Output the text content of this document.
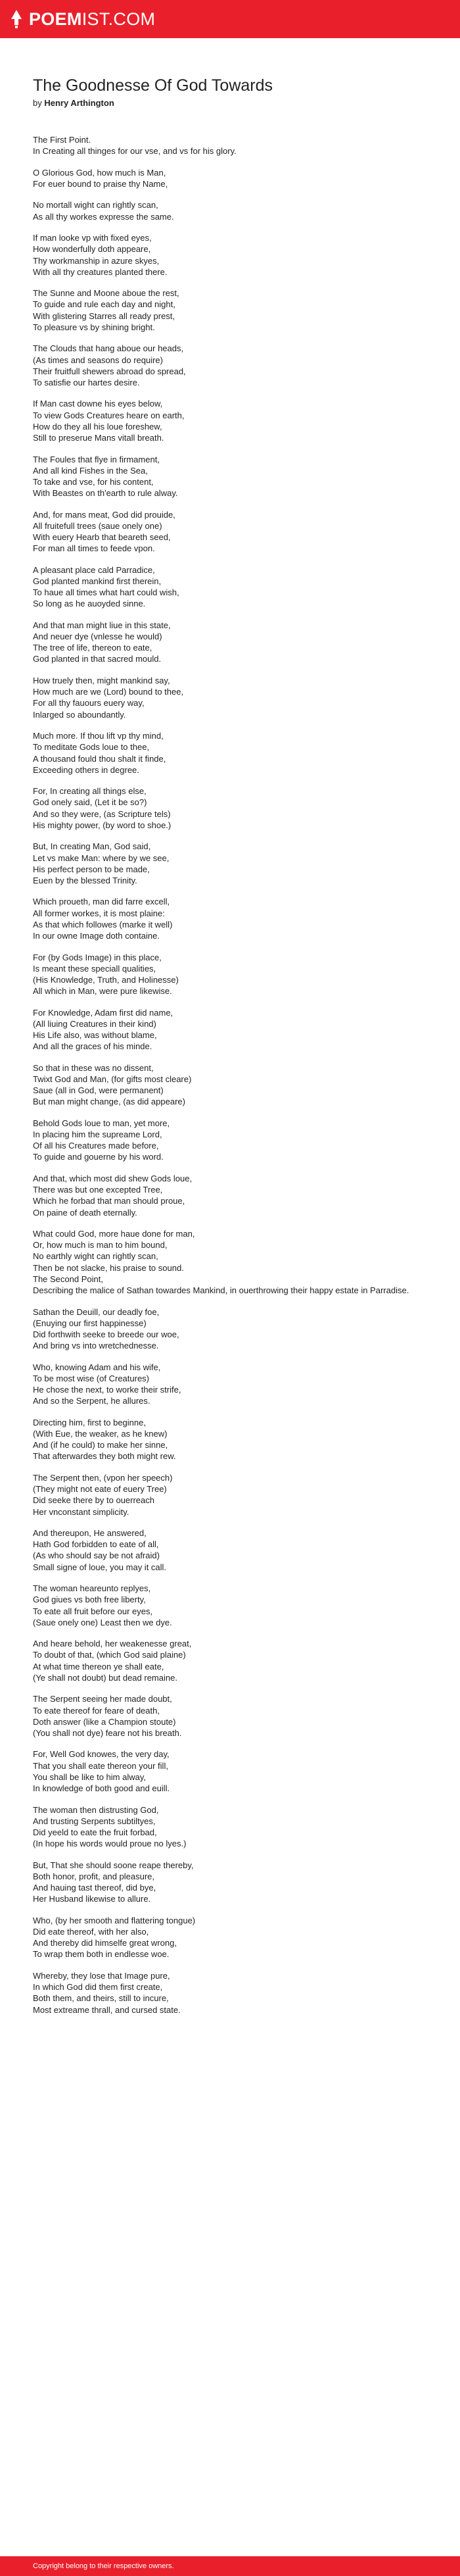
POEMIST.COM
The Goodnesse Of God Towards
by Henry Arthington
The First Point.
In Creating all thinges for our vse, and vs for his glory.
O Glorious God, how much is Man,
For euer bound to praise thy Name,
No mortall wight can rightly scan,
As all thy workes expresse the same.
If man looke vp with fixed eyes,
How wonderfully doth appeare,
Thy workmanship in azure skyes,
With all thy creatures planted there.
The Sunne and Moone aboue the rest,
To guide and rule each day and night,
With glistering Starres all ready prest,
To pleasure vs by shining bright.
The Clouds that hang aboue our heads,
(As times and seasons do require)
Their fruitfull shewers abroad do spread,
To satisfie our hartes desire.
If Man cast downe his eyes below,
To view Gods Creatures heare on earth,
How do they all his loue foreshew,
Still to preserue Mans vitall breath.
The Foules that flye in firmament,
And all kind Fishes in the Sea,
To take and vse, for his content,
With Beastes on th'earth to rule alway.
And, for mans meat, God did prouide,
All fruitefull trees (saue onely one)
With euery Hearb that beareth seed,
For man all times to feede vpon.
A pleasant place cald Parradice,
God planted mankind first therein,
To haue all times what hart could wish,
So long as he auoyded sinne.
And that man might liue in this state,
And neuer dye (vnlesse he would)
The tree of life, thereon to eate,
God planted in that sacred mould.
How truely then, might mankind say,
How much are we (Lord) bound to thee,
For all thy fauours euery way,
Inlarged so aboundantly.
Much more. If thou lift vp thy mind,
To meditate Gods loue to thee,
A thousand fould thou shalt it finde,
Exceeding others in degree.
For, In creating all things else,
God onely said, (Let it be so?)
And so they were, (as Scripture tels)
His mighty power, (by word to shoe.)
But, In creating Man, God said,
Let vs make Man: where by we see,
His perfect person to be made,
Euen by the blessed Trinity.
Which proueth, man did farre excell,
All former workes, it is most plaine:
As that which followes (marke it well)
In our owne Image doth containe.
For (by Gods Image) in this place,
Is meant these speciall qualities,
(His Knowledge, Truth, and Holinesse)
All which in Man, were pure likewise.
For Knowledge, Adam first did name,
(All liuing Creatures in their kind)
His Life also, was without blame,
And all the graces of his minde.
So that in these was no dissent,
Twixt God and Man, (for gifts most cleare)
Saue (all in God, were permanent)
But man might change, (as did appeare)
Behold Gods loue to man, yet more,
In placing him the supreame Lord,
Of all his Creatures made before,
To guide and gouerne by his word.
And that, which most did shew Gods loue,
There was but one excepted Tree,
Which he forbad that man should proue,
On paine of death eternally.
What could God, more haue done for man,
Or, how much is man to him bound,
No earthly wight can rightly scan,
Then be not slacke, his praise to sound.
The Second Point,
Describing the malice of Sathan towardes Mankind, in ouerthrowing their happy estate in Parradise.
Sathan the Deuill, our deadly foe,
(Enuying our first happinesse)
Did forthwith seeke to breede our woe,
And bring vs into wretchednesse.
Who, knowing Adam and his wife,
To be most wise (of Creatures)
He chose the next, to worke their strife,
And so the Serpent, he allures.
Directing him, first to beginne,
(With Eue, the weaker, as he knew)
And (if he could) to make her sinne,
That afterwardes they both might rew.
The Serpent then, (vpon her speech)
(They might not eate of euery Tree)
Did seeke there by to ouerreach
Her vnconstant simplicity.
And thereupon, He answered,
Hath God forbidden to eate of all,
(As who should say be not afraid)
Small signe of loue, you may it call.
The woman heareunto replyes,
God giues vs both free liberty,
To eate all fruit before our eyes,
(Saue onely one) Least then we dye.
And heare behold, her weakenesse great,
To doubt of that, (which God said plaine)
At what time thereon ye shall eate,
(Ye shall not doubt) but dead remaine.
The Serpent seeing her made doubt,
To eate thereof for feare of death,
Doth answer (like a Champion stoute)
(You shall not dye) feare not his breath.
For, Well God knowes, the very day,
That you shall eate thereon your fill,
You shall be like to him alway,
In knowledge of both good and euill.
The woman then distrusting God,
And trusting Serpents subtiltyes,
Did yeeld to eate the fruit forbad,
(In hope his words would proue no lyes.)
But, That she should soone reape thereby,
Both honor, profit, and pleasure,
And hauing tast thereof, did bye,
Her Husband likewise to allure.
Who, (by her smooth and flattering tongue)
Did eate thereof, with her also,
And thereby did himselfe great wrong,
To wrap them both in endlesse woe.
Whereby, they lose that Image pure,
In which God did them first create,
Both them, and theirs, still to incure,
Most extreame thrall, and cursed state.
Copyright belong to their respective owners.
